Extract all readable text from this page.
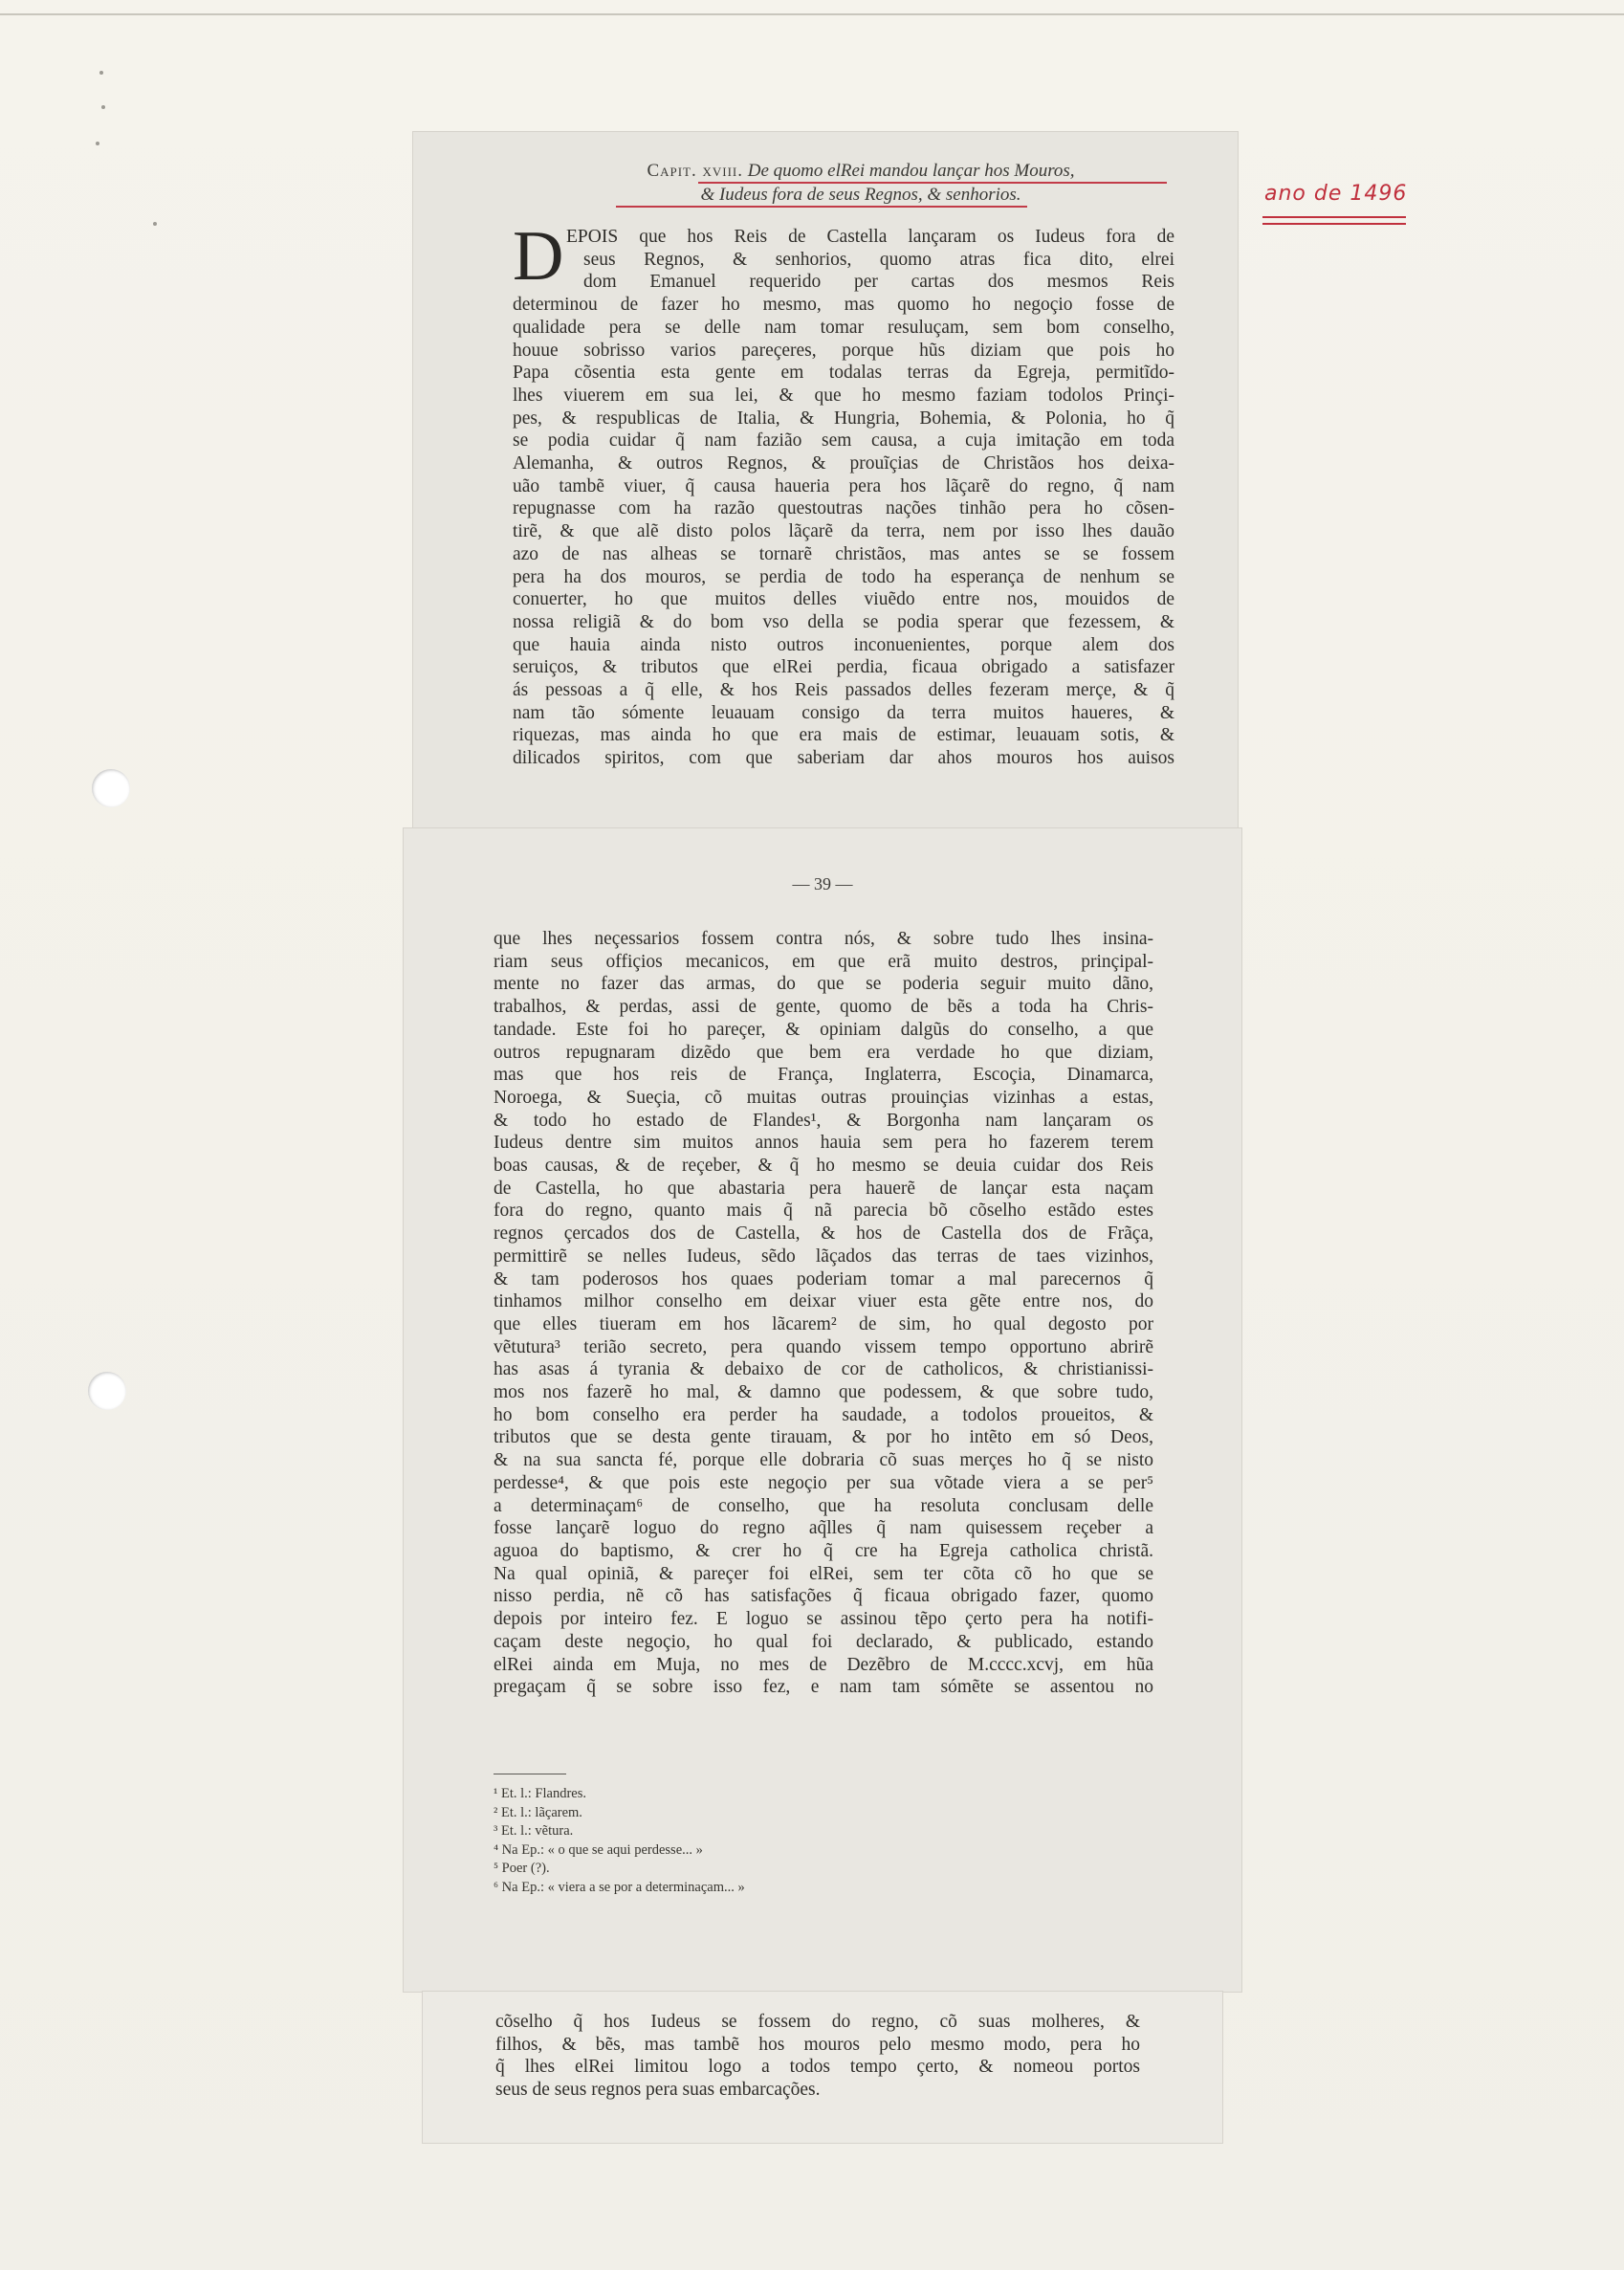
ano de 1496
Capit. xviii. De quomo elRei mandou lançar hos Mouros,
& Iudeus fora de seus Regnos, & senhorios.
D EPOIS que hos Reis de Castella lançaram os Iudeus fora de
seus Regnos, & senhorios, quomo atras fica dito, elrei
dom Emanuel requerido per cartas dos mesmos Reis
determinou de fazer ho mesmo, mas quomo ho negoçio fosse de
qualidade pera se delle nam tomar resuluçam, sem bom conselho,
houue sobrisso varios pareçeres, porque hũs diziam que pois ho
Papa cõsentia esta gente em todalas terras da Egreja, permitĩdo-
lhes viuerem em sua lei, & que ho mesmo faziam todolos Prinçi-
pes, & respublicas de Italia, & Hungria, Bohemia, & Polonia, ho q̃
se podia cuidar q̃ nam fazião sem causa, a cuja imitação em toda
Alemanha, & outros Regnos, & prouĩçias de Christãos hos deixa-
uão tambẽ viuer, q̃ causa haueria pera hos lãçarẽ do regno, q̃ nam
repugnasse com ha razão questoutras nações tinhão pera ho cõsen-
tirẽ, & que alẽ disto polos lãçarẽ da terra, nem por isso lhes dauão
azo de nas alheas se tornarẽ christãos, mas antes se se fossem
pera ha dos mouros, se perdia de todo ha esperança de nenhum se
conuerter, ho que muitos delles viuẽdo entre nos, mouidos de
nossa religiã & do bom vso della se podia sperar que fezessem, &
que hauia ainda nisto outros inconuenientes, porque alem dos
seruiços, & tributos que elRei perdia, ficaua obrigado a satisfazer
ás pessoas a q̃ elle, & hos Reis passados delles fezeram merçe, & q̃
nam tão sómente leuauam consigo da terra muitos haueres, &
riquezas, mas ainda ho que era mais de estimar, leuauam sotis, &
dilicados spiritos, com que saberiam dar ahos mouros hos auisos
— 39 —
que lhes neçessarios fossem contra nós, & sobre tudo lhes insina-
riam seus offiçios mecanicos, em que erã muito destros, prinçipal-
mente no fazer das armas, do que se poderia seguir muito dãno,
trabalhos, & perdas, assi de gente, quomo de bẽs a toda ha Chris-
tandade. Este foi ho pareçer, & opiniam dalgũs do conselho, a que
outros repugnaram dizẽdo que bem era verdade ho que diziam,
mas que hos reis de França, Inglaterra, Escoçia, Dinamarca,
Noroega, & Sueçia, cõ muitas outras prouinçias vizinhas a estas,
& todo ho estado de Flandes¹, & Borgonha nam lançaram os
Iudeus dentre sim muitos annos hauia sem pera ho fazerem terem
boas causas, & de reçeber, & q̃ ho mesmo se deuia cuidar dos Reis
de Castella, ho que abastaria pera hauerẽ de lançar esta naçam
fora do regno, quanto mais q̃ nã parecia bõ cõselho estãdo estes
regnos çercados dos de Castella, & hos de Castella dos de Frãça,
permittirẽ se nelles Iudeus, sẽdo lãçados das terras de taes vizinhos,
& tam poderosos hos quaes poderiam tomar a mal parecernos q̃
tinhamos milhor conselho em deixar viuer esta gẽte entre nos, do
que elles tiueram em hos lãcarem² de sim, ho qual degosto por
vẽtutura³ terião secreto, pera quando vissem tempo opportuno abrirẽ
has asas á tyrania & debaixo de cor de catholicos, & christianissi-
mos nos fazerẽ ho mal, & damno que podessem, & que sobre tudo,
ho bom conselho era perder ha saudade, a todolos proueitos, &
tributos que se desta gente tirauam, & por ho intẽto em só Deos,
& na sua sancta fé, porque elle dobraria cõ suas merçes ho q̃ se nisto
perdesse⁴, & que pois este negoçio per sua võtade viera a se per⁵
a determinaçam⁶ de conselho, que ha resoluta conclusam delle
fosse lançarẽ loguo do regno aq̃lles q̃ nam quisessem reçeber a
aguoa do baptismo, & crer ho q̃ cre ha Egreja catholica christã.
Na qual opiniã, & pareçer foi elRei, sem ter cõta cõ ho que se
nisso perdia, nẽ cõ has satisfações q̃ ficaua obrigado fazer, quomo
depois por inteiro fez. E loguo se assinou tẽpo çerto pera ha notifi-
caçam deste negoçio, ho qual foi declarado, & publicado, estando
elRei ainda em Muja, no mes de Dezẽbro de M.cccc.xcvj, em hũa
pregaçam q̃ se sobre isso fez, e nam tam sómẽte se assentou no
¹ Et. l.: Flandres.
² Et. l.: lãçarem.
³ Et. l.: vẽtura.
⁴ Na Ep.: « o que se aqui perdesse... »
⁵ Poer (?).
⁶ Na Ep.: « viera a se por a determinaçam... »
cõselho q̃ hos Iudeus se fossem do regno, cõ suas molheres, &
filhos, & bẽs, mas tambẽ hos mouros pelo mesmo modo, pera ho
q̃ lhes elRei limitou logo a todos tempo çerto, & nomeou portos
seus de seus regnos pera suas embarcações.
